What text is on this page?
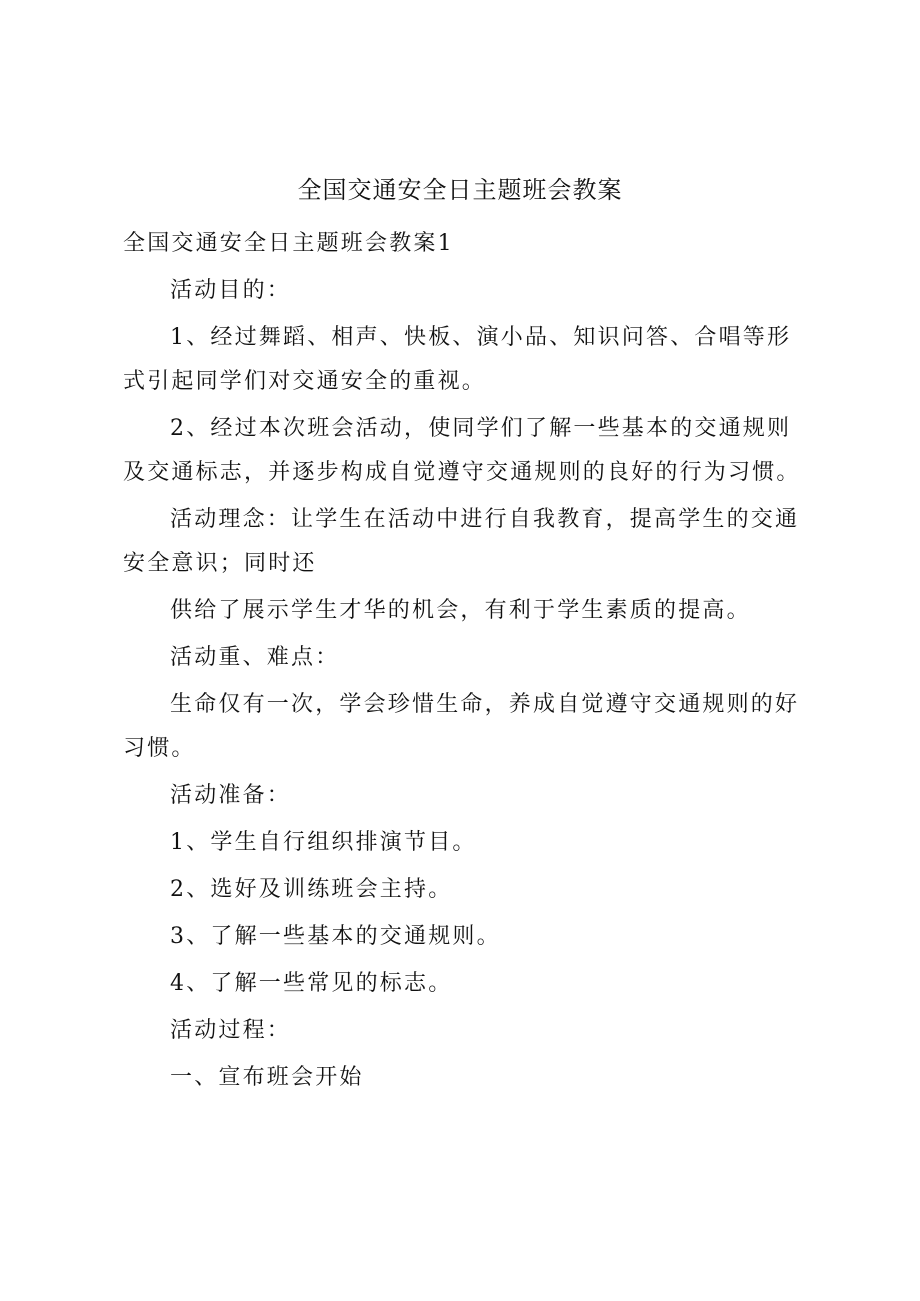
全国交通安全日主题班会教案

全国交通安全日主题班会教案1

活动目的：

1、经过舞蹈、相声、快板、演小品、知识问答、合唱等形式引起同学们对交通安全的重视。

2、经过本次班会活动，使同学们了解一些基本的交通规则及交通标志，并逐步构成自觉遵守交通规则的良好的行为习惯。

活动理念：让学生在活动中进行自我教育，提高学生的交通安全意识；同时还

供给了展示学生才华的机会，有利于学生素质的提高。

活动重、难点：

生命仅有一次，学会珍惜生命，养成自觉遵守交通规则的好习惯。

活动准备：

1、学生自行组织排演节目。

2、选好及训练班会主持。

3、了解一些基本的交通规则。

4、了解一些常见的标志。

活动过程：

一、宣布班会开始
